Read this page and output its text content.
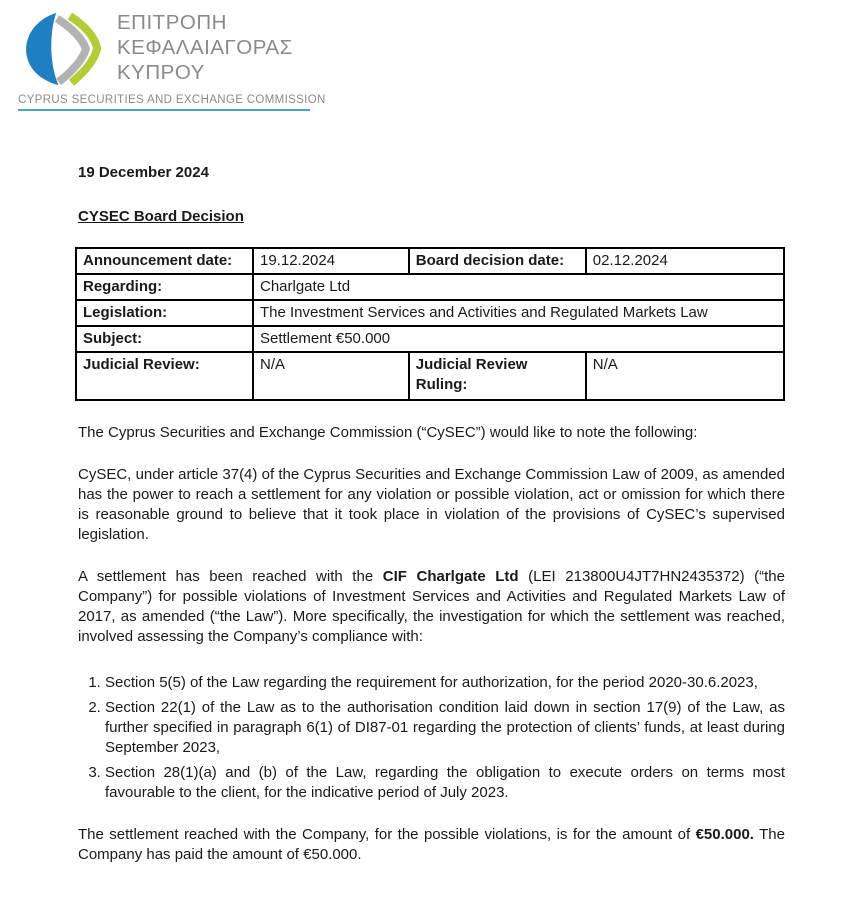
ΕΠΙΤΡΟΠΗ
ΚΕΦΑΛΑΙΑΓΟΡΑΣ
ΚΥΠΡΟΥ
CYPRUS SECURITIES AND EXCHANGE COMMISSION

19 December 2024

CYSEC Board Decision
Announcement date:	19.12.2024	Board decision date:	02.12.2024
Regarding:	Charlgate Ltd		
Legislation:	The Investment Services and Activities and Regulated Markets Law		
Subject:	Settlement €50.000		
Judicial Review:	N/A	Judicial Review Ruling:	N/A

The Cyprus Securities and Exchange Commission (“CySEC”) would like to note the following:

CySEC, under article 37(4) of the Cyprus Securities and Exchange Commission Law of 2009, as amended has the power to reach a settlement for any violation or possible violation, act or omission for which there is reasonable ground to believe that it took place in violation of the provisions of CySEC’s supervised legislation.

A settlement has been reached with the CIF Charlgate Ltd (LEI 213800U4JT7HN2435372) (“the Company”) for possible violations of Investment Services and Activities and Regulated Markets Law of 2017, as amended (“the Law”). More specifically, the investigation for which the settlement was reached, involved assessing the Company’s compliance with:

1. Section 5(5) of the Law regarding the requirement for authorization, for the period 2020-30.6.2023,
2. Section 22(1) of the Law as to the authorisation condition laid down in section 17(9) of the Law, as further specified in paragraph 6(1) of DI87-01 regarding the protection of clients’ funds, at least during September 2023,
3. Section 28(1)(a) and (b) of the Law, regarding the obligation to execute orders on terms most favourable to the client, for the indicative period of July 2023.

The settlement reached with the Company, for the possible violations, is for the amount of €50.000. The Company has paid the amount of €50.000.
